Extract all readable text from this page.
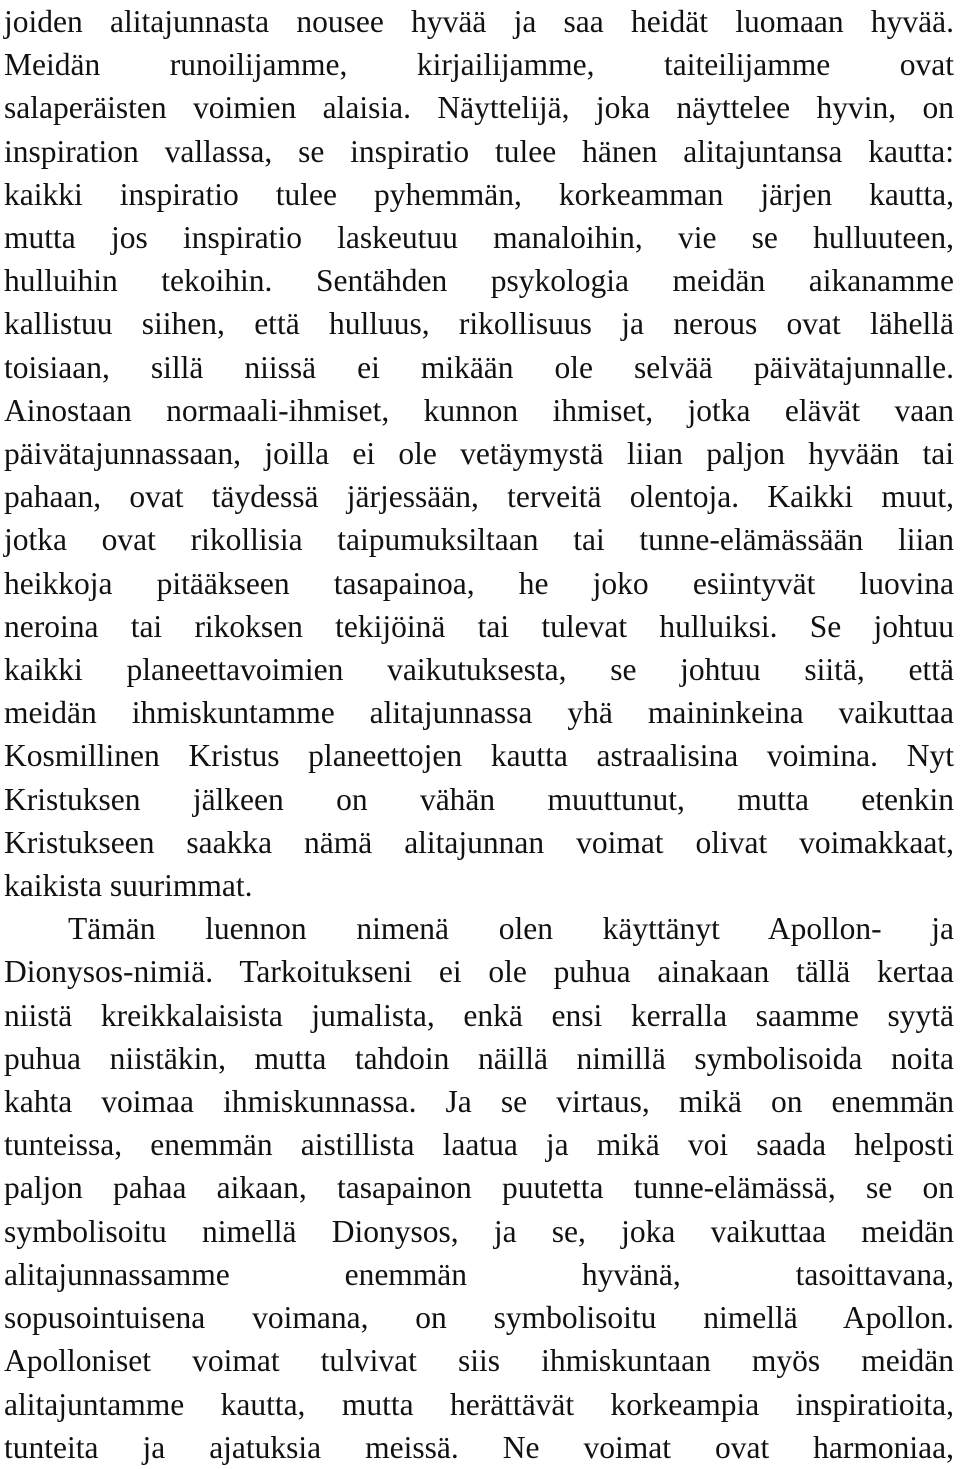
joiden alitajunnasta nousee hyvää ja saa heidät luomaan hyvää.
Meidän runoilijamme, kirjailijamme, taiteilijamme ovat
salaperäisten voimien alaisia. Näyttelijä, joka näyttelee hyvin, on
inspiration vallassa, se inspiratio tulee hänen alitajuntansa kautta:
kaikki inspiratio tulee pyhemmän, korkeamman järjen kautta,
mutta jos inspiratio laskeutuu manaloihin, vie se hulluuteen,
hulluihin tekoihin. Sentähden psykologia meidän aikanamme
kallistuu siihen, että hulluus, rikollisuus ja nerous ovat lähellä
toisiaan, sillä niissä ei mikään ole selvää päivätajunnalle.
Ainostaan normaali-ihmiset, kunnon ihmiset, jotka elävät vaan
päivätajunnassaan, joilla ei ole vetäymystä liian paljon hyvään tai
pahaan, ovat täydessä järjessään, terveitä olentoja. Kaikki muut,
jotka ovat rikollisia taipumuksiltaan tai tunne-elämässään liian
heikkoja pitääkseen tasapainoa, he joko esiintyvät luovina
neroina tai rikoksen tekijöinä tai tulevat hulluiksi. Se johtuu
kaikki planeettavoimien vaikutuksesta, se johtuu siitä, että
meidän ihmiskuntamme alitajunnassa yhä maininkeina vaikuttaa
Kosmillinen Kristus planeettojen kautta astraalisina voimina. Nyt
Kristuksen jälkeen on vähän muuttunut, mutta etenkin
Kristukseen saakka nämä alitajunnan voimat olivat voimakkaat,
kaikista suurimmat.
Tämän luennon nimenä olen käyttänyt Apollon- ja
Dionysos-nimiä. Tarkoitukseni ei ole puhua ainakaan tällä kertaa
niistä kreikkalaisista jumalista, enkä ensi kerralla saamme syytä
puhua niistäkin, mutta tahdoin näillä nimillä symbolisoida noita
kahta voimaa ihmiskunnassa. Ja se virtaus, mikä on enemmän
tunteissa, enemmän aistillista laatua ja mikä voi saada helposti
paljon pahaa aikaan, tasapainon puutetta tunne-elämässä, se on
symbolisoitu nimellä Dionysos, ja se, joka vaikuttaa meidän
alitajunnassamme enemmän hyvänä, tasoittavana,
sopusointuisena voimana, on symbolisoitu nimellä Apollon.
Apolloniset voimat tulvivat siis ihmiskuntaan myös meidän
alitajuntamme kautta, mutta herättävät korkeampia inspiratioita,
tunteita ja ajatuksia meissä. Ne voimat ovat harmoniaa,
